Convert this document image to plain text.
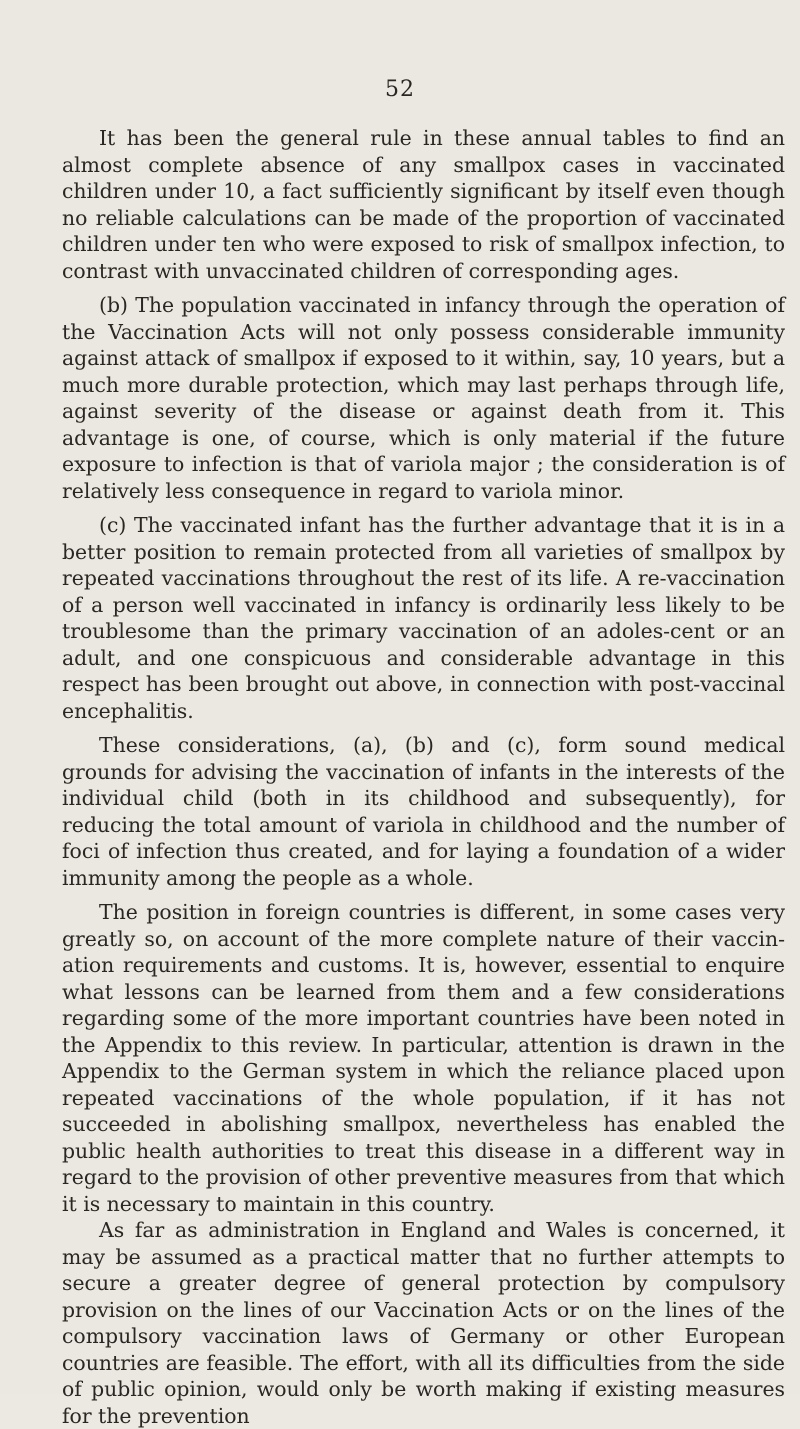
52

It has been the general rule in these annual tables to find an almost complete absence of any smallpox cases in vaccinated children under 10, a fact sufficiently significant by itself even though no reliable calculations can be made of the proportion of vaccinated children under ten who were exposed to risk of smallpox infection, to contrast with unvaccinated children of corresponding ages.

(b) The population vaccinated in infancy through the operation of the Vaccination Acts will not only possess considerable immunity against attack of smallpox if exposed to it within, say, 10 years, but a much more durable protection, which may last perhaps through life, against severity of the disease or against death from it. This advantage is one, of course, which is only material if the future exposure to infection is that of variola major ; the consideration is of relatively less consequence in regard to variola minor.

(c) The vaccinated infant has the further advantage that it is in a better position to remain protected from all varieties of smallpox by repeated vaccinations throughout the rest of its life. A re-vaccination of a person well vaccinated in infancy is ordinarily less likely to be troublesome than the primary vaccination of an adoles-cent or an adult, and one conspicuous and considerable advantage in this respect has been brought out above, in connection with post-vaccinal encephalitis.

These considerations, (a), (b) and (c), form sound medical grounds for advising the vaccination of infants in the interests of the individual child (both in its childhood and subsequently), for reducing the total amount of variola in childhood and the number of foci of infection thus created, and for laying a foundation of a wider immunity among the people as a whole.

The position in foreign countries is different, in some cases very greatly so, on account of the more complete nature of their vaccin-ation requirements and customs. It is, however, essential to enquire what lessons can be learned from them and a few considerations regarding some of the more important countries have been noted in the Appendix to this review. In particular, attention is drawn in the Appendix to the German system in which the reliance placed upon repeated vaccinations of the whole population, if it has not succeeded in abolishing smallpox, nevertheless has enabled the public health authorities to treat this disease in a different way in regard to the provision of other preventive measures from that which it is necessary to maintain in this country.

As far as administration in England and Wales is concerned, it may be assumed as a practical matter that no further attempts to secure a greater degree of general protection by compulsory provision on the lines of our Vaccination Acts or on the lines of the compulsory vaccination laws of Germany or other European countries are feasible. The effort, with all its difficulties from the side of public opinion, would only be worth making if existing measures for the prevention
